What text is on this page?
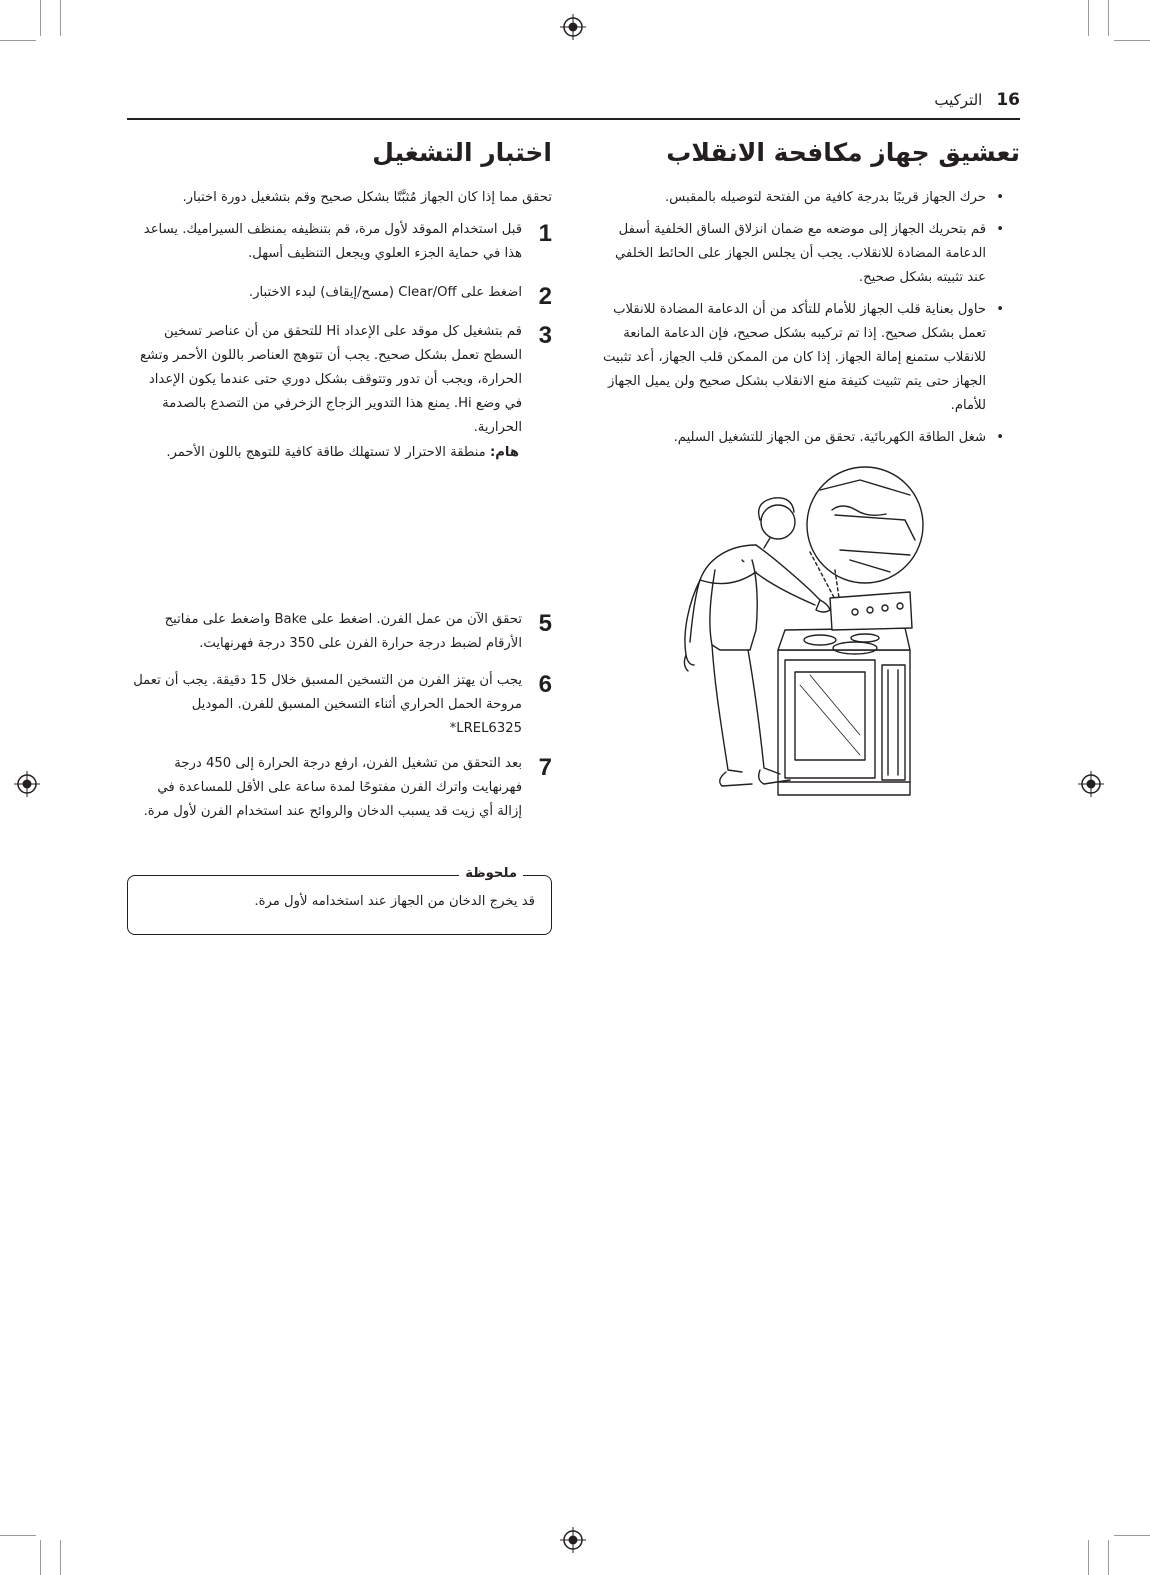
16
التركيب
تعشيق جهاز مكافحة الانقلاب
• حرك الجهاز قريبًا بدرجة كافية من الفتحة لتوصيله بالمقبس.
• قم بتحريك الجهاز إلى موضعه مع ضمان انزلاق الساق الخلفية أسفل الدعامة المضادة للانقلاب. يجب أن يجلس الجهاز على الحائط الخلفي عند تثبيته بشكل صحيح.
• حاول بعناية قلب الجهاز للأمام للتأكد من أن الدعامة المضادة للانقلاب تعمل بشكل صحيح. إذا تم تركيبه بشكل صحيح، فإن الدعامة المانعة للانقلاب ستمنع إمالة الجهاز. إذا كان من الممكن قلب الجهاز، أعد تثبيت الجهاز حتى يتم تثبيت كتيفة منع الانقلاب بشكل صحيح ولن يميل الجهاز للأمام.
• شغل الطاقة الكهربائية. تحقق من الجهاز للتشغيل السليم.
اختبار التشغيل
تحقق مما إذا كان الجهاز مُثبَّتًا بشكل صحيح وقم بتشغيل دورة اختبار.
قبل استخدام الموقد لأول مرة، قم بتنظيفه بمنظف السيراميك. يساعد هذا في حماية الجزء العلوي ويجعل التنظيف أسهل.
1
اضغط على Clear/Off (مسح/إيقاف) لبدء الاختبار. 2
قم بتشغيل كل موقد على الإعداد Hi للتحقق من أن عناصر تسخين السطح تعمل بشكل صحيح. يجب أن تتوهج العناصر باللون الأحمر وتشع الحرارة، ويجب أن تدور وتتوقف بشكل دوري حتى عندما يكون الإعداد في وضع Hi. يمنع هذا التدوير الزجاج الزخرفي من التصدع بالصدمة الحرارية.
3
هام: منطقة الاحترار لا تستهلك طاقة كافية للتوهج باللون الأحمر.
تحقق الآن من عمل الفرن. اضغط على Bake واضغط على مفاتيح الأرقام لضبط درجة حرارة الفرن على 350 درجة فهرنهايت.
5
يجب أن يهتز الفرن من التسخين المسبق خلال 15 دقيقة. يجب أن تعمل مروحة الحمل الحراري أثناء التسخين المسبق للفرن. الموديل LREL6325*
6
بعد التحقق من تشغيل الفرن، ارفع درجة الحرارة إلى 450 درجة فهرنهايت واترك الفرن مفتوحًا لمدة ساعة على الأقل للمساعدة في إزالة أي زيت قد يسبب الدخان والروائح عند استخدام الفرن لأول مرة.
7
ملحوظة
قد يخرج الدخان من الجهاز عند استخدامه لأول مرة.
